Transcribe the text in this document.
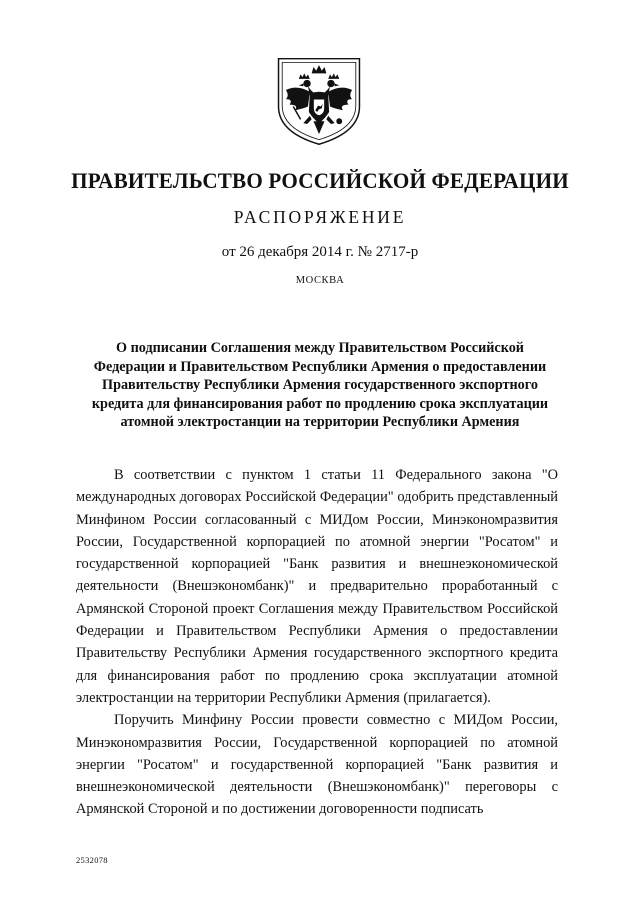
ПРАВИТЕЛЬСТВО РОССИЙСКОЙ ФЕДЕРАЦИИ
РАСПОРЯЖЕНИЕ
от 26 декабря 2014 г. № 2717-р
МОСКВА
О подписании Соглашения между Правительством Российской Федерации и Правительством Республики Армения о предоставлении Правительству Республики Армения государственного экспортного кредита для финансирования работ по продлению срока эксплуатации атомной электростанции на территории Республики Армения

В соответствии с пунктом 1 статьи 11 Федерального закона "О международных договорах Российской Федерации" одобрить представленный Минфином России согласованный с МИДом России, Минэкономразвития России, Государственной корпорацией по атомной энергии "Росатом" и государственной корпорацией "Банк развития и внешнеэкономической деятельности (Внешэкономбанк)" и предварительно проработанный с Армянской Стороной проект Соглашения между Правительством Российской Федерации и Правительством Республики Армения о предоставлении Правительству Республики Армения государственного экспортного кредита для финансирования работ по продлению срока эксплуатации атомной электростанции на территории Республики Армения (прилагается).

Поручить Минфину России провести совместно с МИДом России, Минэкономразвития России, Государственной корпорацией по атомной энергии "Росатом" и государственной корпорацией "Банк развития и внешнеэкономической деятельности (Внешэкономбанк)" переговоры с Армянской Стороной и по достижении договоренности подписать

2532078
